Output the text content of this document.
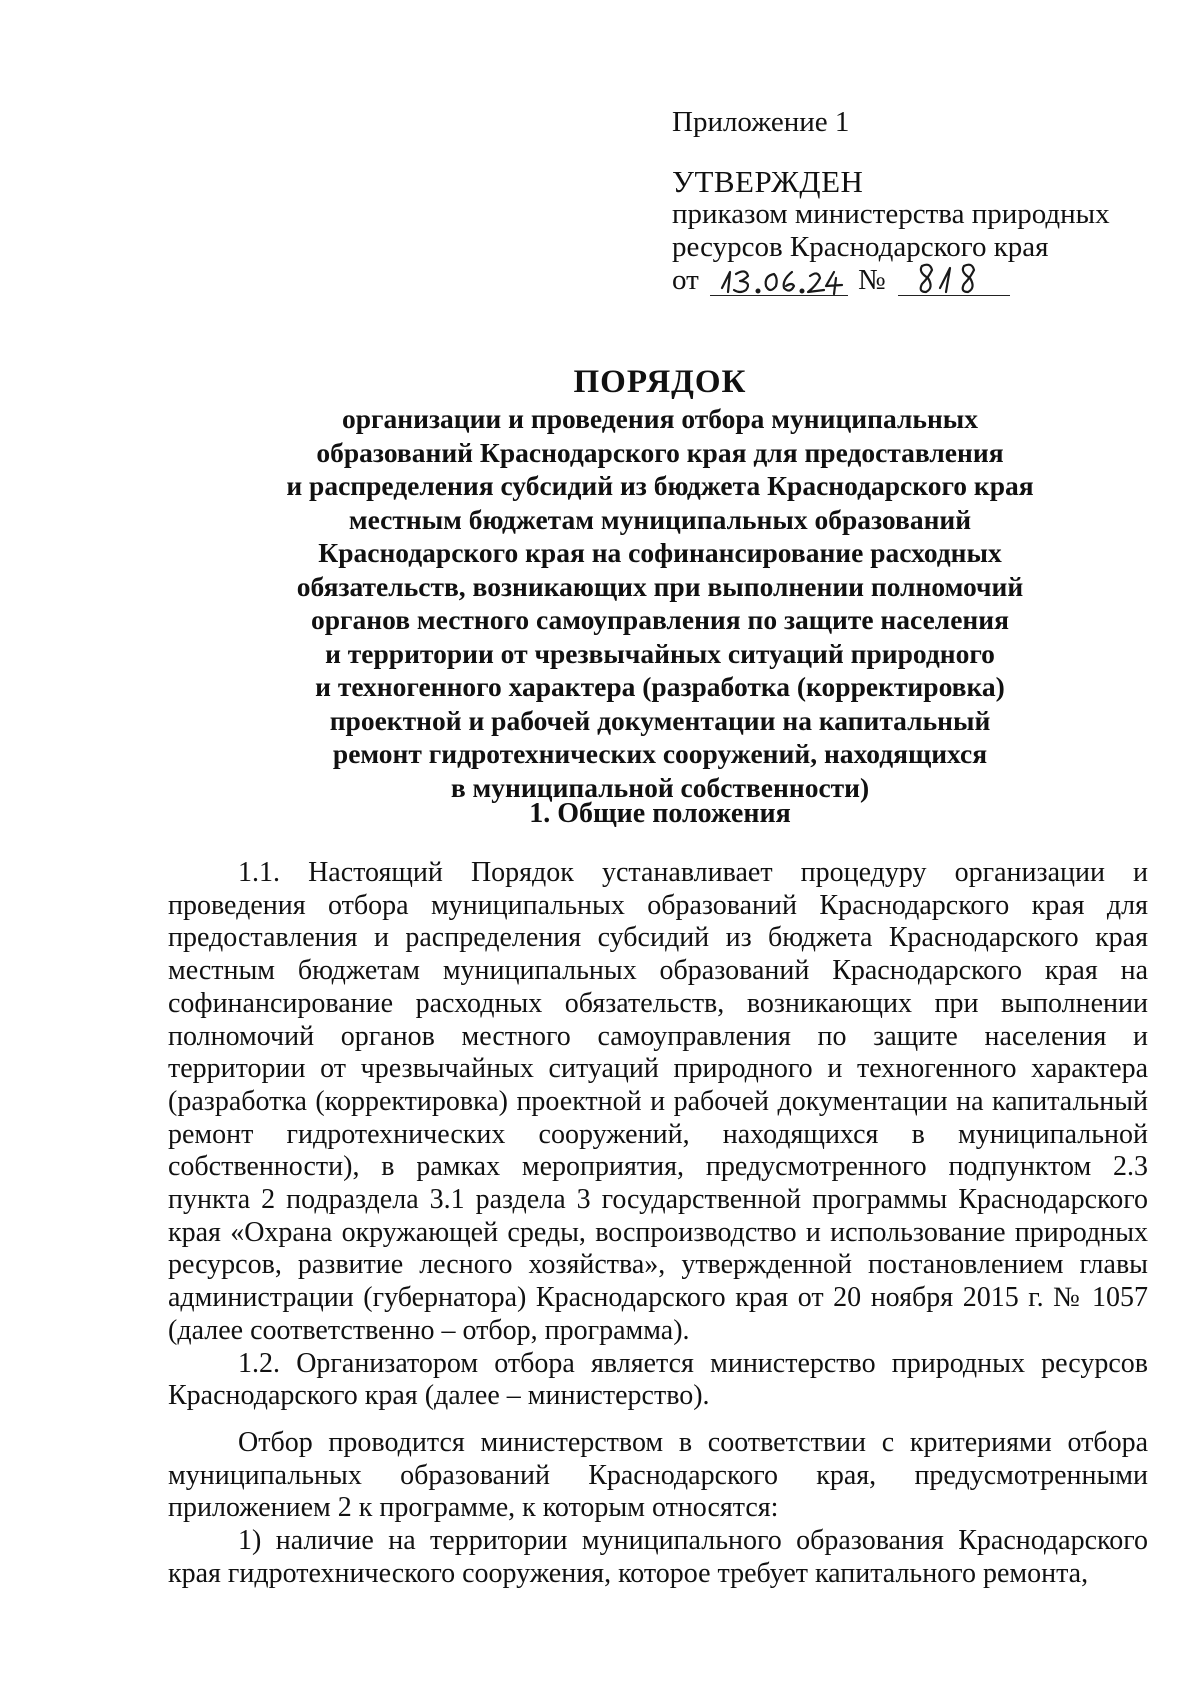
Приложение 1
УТВЕРЖДЕН
приказом министерства природных
ресурсов Краснодарского края
от	№
ПОРЯДОК
организации и проведения отбора муниципальных
образований Краснодарского края для предоставления
и распределения субсидий из бюджета Краснодарского края
местным бюджетам муниципальных образований
Краснодарского края на софинансирование расходных
обязательств, возникающих при выполнении полномочий
органов местного самоуправления по защите населения
и территории от чрезвычайных ситуаций природного
и техногенного характера (разработка (корректировка)
проектной и рабочей документации на капитальный
ремонт гидротехнических сооружений, находящихся
в муниципальной собственности)
1. Общие положения

1.1. Настоящий Порядок устанавливает процедуру организации и проведения отбора муниципальных образований Краснодарского края для предоставления и распределения субсидий из бюджета Краснодарского края местным бюджетам муниципальных образований Краснодарского края на софинансирование расходных обязательств, возникающих при выполнении полномочий органов местного самоуправления по защите населения и территории от чрезвычайных ситуаций природного и техногенного характера (разработка (корректировка) проектной и рабочей документации на капитальный ремонт гидротехнических сооружений, находящихся в муниципальной собственности), в рамках мероприятия, предусмотренного подпунктом 2.3 пункта 2 подраздела 3.1 раздела 3 государственной программы Краснодарского края «Охрана окружающей среды, воспроизводство и использование природных ресурсов, развитие лесного хозяйства», утвержденной постановлением главы администрации (губернатора) Краснодарского края от 20 ноября 2015 г. № 1057 (далее соответственно – отбор, программа).

1.2. Организатором отбора является министерство природных ресурсов Краснодарского края (далее – министерство).

Отбор проводится министерством в соответствии с критериями отбора муниципальных образований Краснодарского края, предусмотренными приложением 2 к программе, к которым относятся:

1) наличие на территории муниципального образования Краснодарского края гидротехнического сооружения, которое требует капитального ремонта,
